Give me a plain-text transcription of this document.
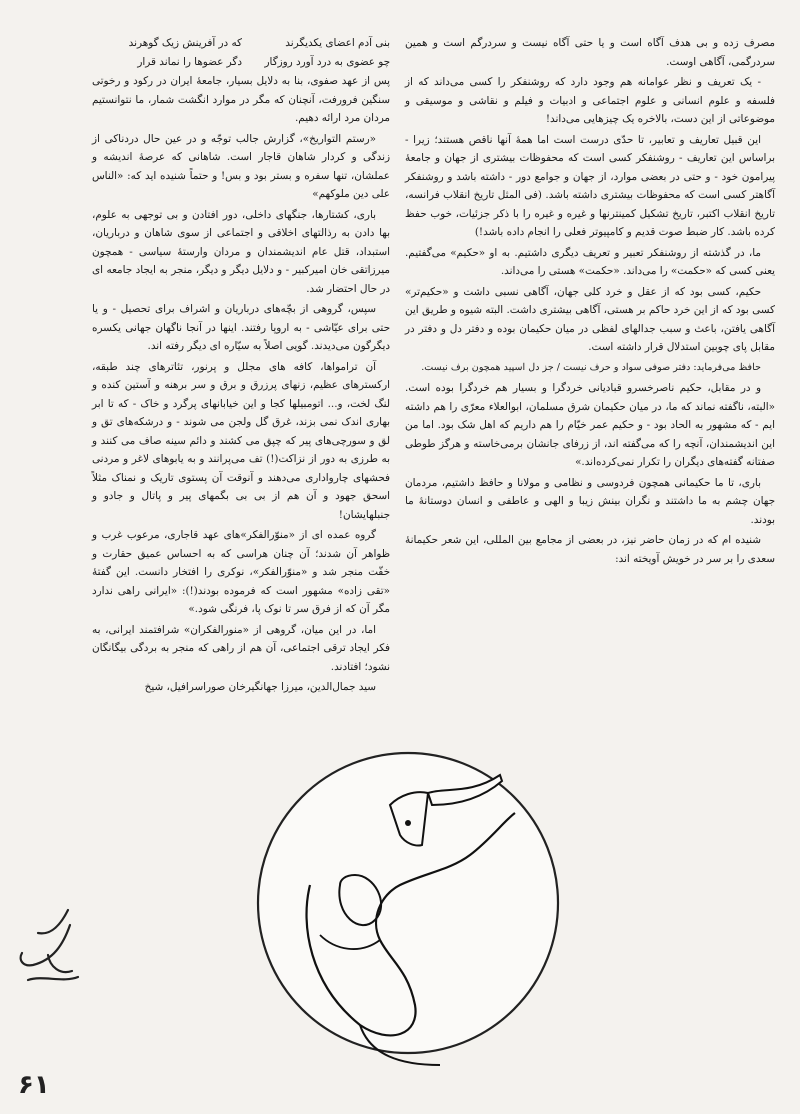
مصرف زده و بی هدف آگاه است و یا حتی آگاه نیست و سردرگم است و همین سردرگمی، آگاهی اوست.

- یک تعریف و نظر عوامانه هم وجود دارد که روشنفکر را کسی می‌داند که از فلسفه و علوم انسانی و علوم اجتماعی و ادبیات و فیلم و نقاشی و موسیقی و موضوعاتی از این دست، بالاخره یک چیزهایی می‌داند!

این قبیل تعاریف و تعابیر، تا حدّی درست است اما همهٔ آنها ناقص هستند؛ زیرا - براساس این تعاریف - روشنفکر کسی است که محفوظات بیشتری از جهان و جامعهٔ پیرامون خود - و حتی در بعضی موارد، از جهان و جوامع دور - داشته باشد و روشنفکر آگاهتر کسی است که محفوظات بیشتری داشته باشد. (فی المثل تاریخ انقلاب فرانسه، تاریخ انقلاب اکتبر، تاریخ تشکیل کمینترنها و غیره و غیره را با ذکر جزئیات، خوب حفظ کرده باشد. کار ضبط صوت قدیم و کامپیوتر فعلی را انجام داده باشد!)

ما، در گذشته از روشنفکر تعبیر و تعریف دیگری داشتیم. به او «حکیم» می‌گفتیم. یعنی کسی که «حکمت» را می‌داند. «حکمت» هستی را می‌داند.

حکیم، کسی بود که از عقل و خرد کلی جهان، آگاهی نسبی داشت و «حکیم‌تر» کسی بود که از این خرد حاکم بر هستی، آگاهی بیشتری داشت. البته شیوه و طریق این آگاهی یافتن، باعث و سبب جدالهای لفظی در میان حکیمان بوده و دفتر دل و دفتر در مقابل پای چوبین استدلال قرار داشته است.

حافظ می‌فرماید: دفتر صوفی سواد و حرف نیست / جز دل اسپید همچون برف نیست.

و در مقابل، حکیم ناصرخسرو قبادیانی خردگرا و بسیار هم خردگرا بوده است. «البته، ناگفته نماند که ما، در میان حکیمان شرق مسلمان، ابوالعلاء معرّی را هم داشته ایم - که مشهور به الحاد بود - و حکیم عمر خیّام را هم داریم که اهل شک بود. اما من این اندیشمندان، آنچه را که می‌گفته اند، از زرفای جانشان برمی‌خاسته و هرگز طوطی صفتانه گفته‌های دیگران را تکرار نمی‌کرده‌اند.»

باری، تا ما حکیمانی همچون فردوسی و نظامی و مولانا و حافظ داشتیم، مردمان جهان چشم به ما داشتند و نگران بینش زیبا و الهی و عاطفی و انسان دوستانهٔ ما بودند.

شنیده ام که در زمان حاضر نیز، در بعضی از مجامع بین المللی، این شعر حکیمانهٔ سعدی را بر سر در خویش آویخته اند:

بنی آدم اعضای یکدیگرند
که در آفرینش زیک گوهرند
چو عضوی به درد آورد روزگار
دگر عضوها را نماند قرار

پس از عهد صفوی، بنا به دلایل بسیار، جامعهٔ ایران در رکود و رخوتی سنگین فرورفت، آنچنان که مگر در موارد انگشت شمار، ما نتوانستیم مردان مرد ارائه دهیم.

«رستم التواریخ»، گزارش جالب توجّه و در عین حال دردناکی از زندگی و کردار شاهان قاجار است. شاهانی که عرصهٔ اندیشه و عملشان، تنها سفره و بستر بود و بس! و حتماً شنیده اید که: «الناس علی دین ملوکهم»

باری، کشتارها، جنگهای داخلی، دور افتادن و بی توجهی به علوم، بها دادن به رذالتهای اخلاقی و اجتماعی از سوی شاهان و درباریان، استبداد، قتل عام اندیشمندان و مردان وارستهٔ سیاسی - همچون میرزاتقی خان امیرکبیر - و دلایل دیگر و دیگر، منجر به ایجاد جامعه ای در حال احتضار شد.

سپس، گروهی از بچّه‌های درباریان و اشراف برای تحصیل - و یا حتی برای عیّاشی - به اروپا رفتند. اینها در آنجا ناگهان جهانی یکسره دیگرگون می‌دیدند. گویی اصلاً به سیّاره ای دیگر رفته اند.

آن ترامواها، کافه های مجلل و پرنور، تئاترهای چند طبقه، ارکسترهای عظیم، زنهای پرزرق و برق و سر برهنه و آستین کنده و لنگ لخت، و... اتومبیلها کجا و این خیابانهای پرگرد و خاک - که تا ابر بهاری اندک نمی بزند، غرق گل ولجن می شوند - و درشکه‌های تق و لق و سورچی‌های پیر که چپق می کشند و دائم سینه صاف می کنند و به طرزی به دور از نزاکت(!) تف می‌پرانند و به یابوهای لاغر و مردنی فحشهای چارواداری می‌دهند و آنوقت آن پستوی تاریک و نمناک مثلاً اسحق جهود و آن هم از بی بی بگمهای پیر و پاتال و جادو و جنبلهایشان!

گروه عمده ای از «منوّرالفکر»های عهد قاجاری، مرعوب غرب و ظواهر آن شدند؛ آن چنان هراسی که به احساس عمیق حقارت و خفّت منجر شد و «منوّرالفکر»، نوکری را افتخار دانست. این گفتهٔ «تقی زاده» مشهور است که فرموده بودند(!): «ایرانی راهی ندارد مگر آن که از فرق سر تا نوک پا، فرنگی شود.»

اما، در این میان، گروهی از «منورالفکران» شرافتمند ایرانی، به فکر ایجاد ترقی اجتماعی، آن هم از راهی که منجر به بردگی بیگانگان نشود؛ افتادند.

سید جمال‌الدین، میرزا جهانگیرخان صوراسرافیل، شیخ

۶۱
